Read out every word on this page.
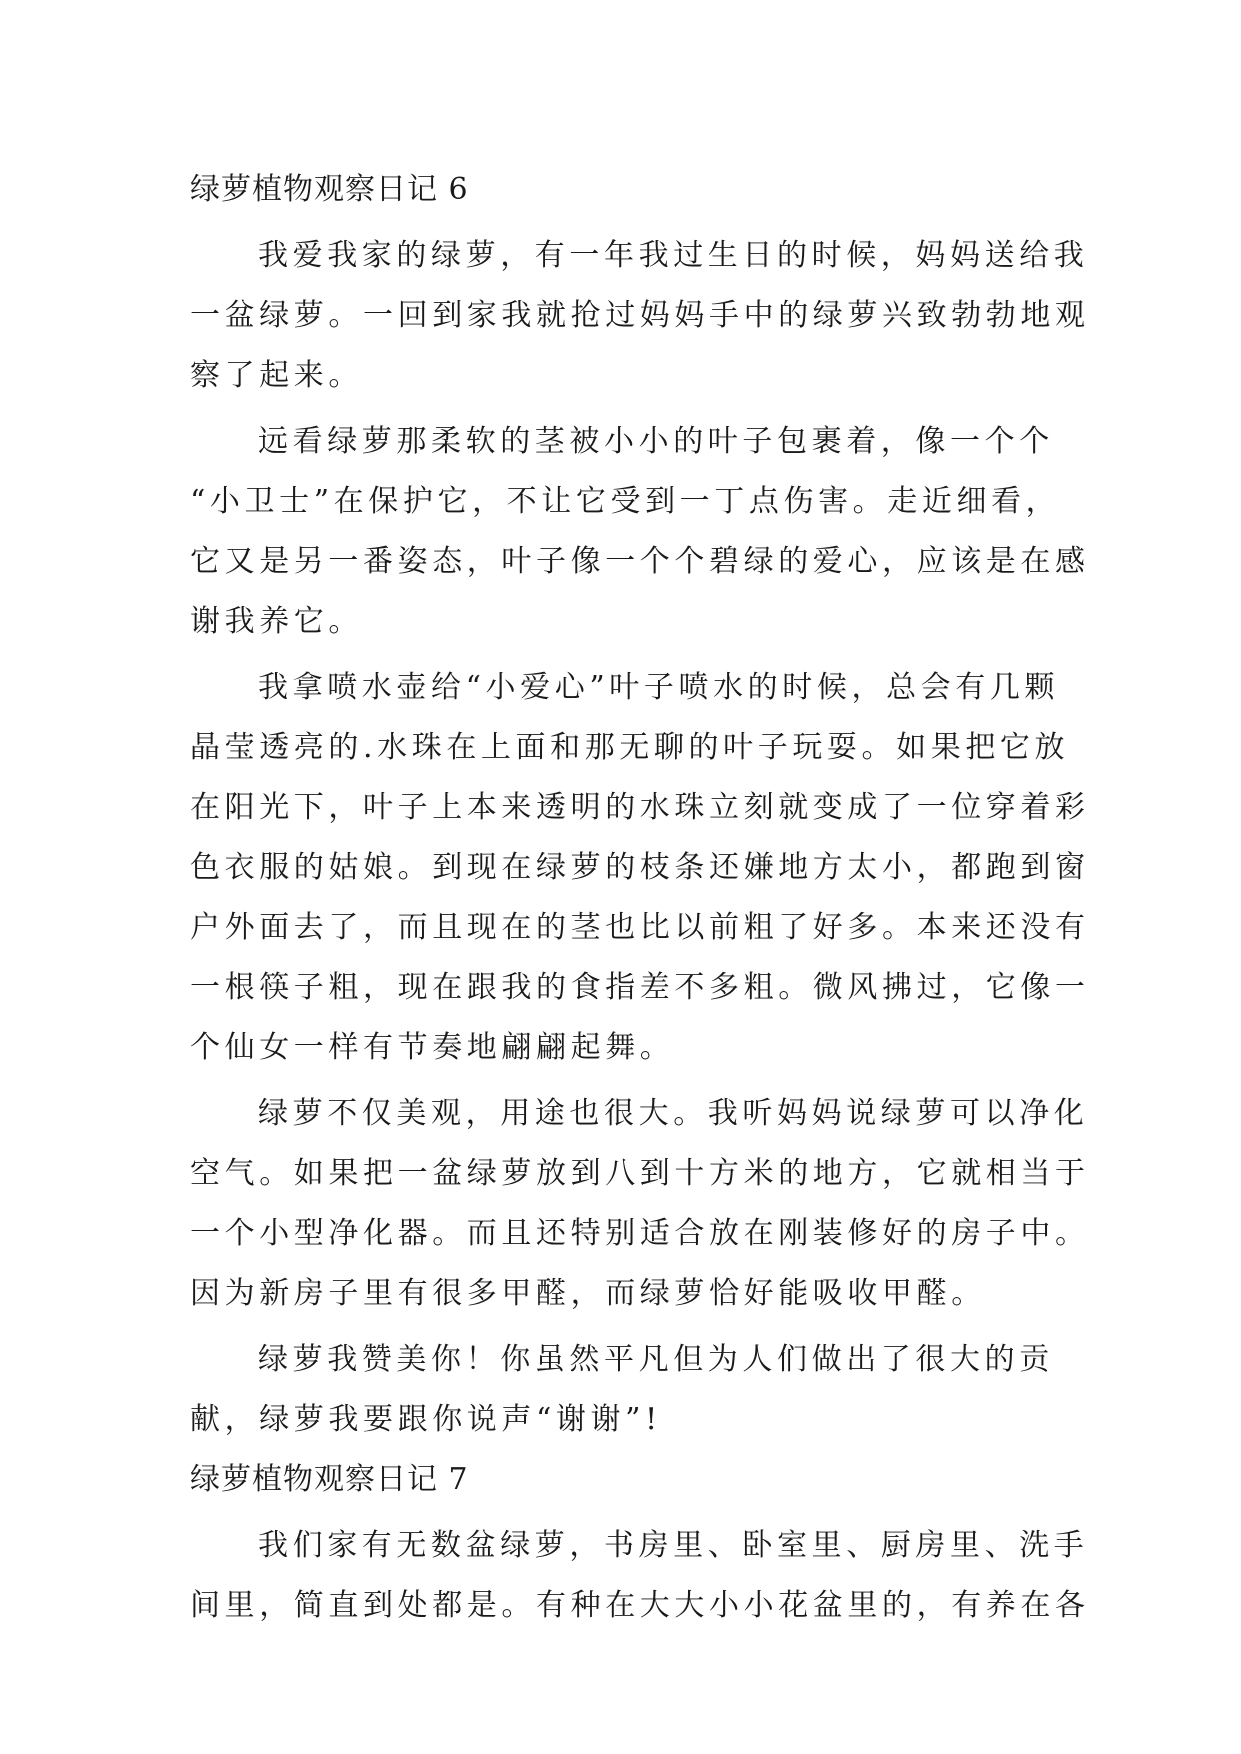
绿萝植物观察日记 6
我爱我家的绿萝，有一年我过生日的时候，妈妈送给我
一盆绿萝。一回到家我就抢过妈妈手中的绿萝兴致勃勃地观
察了起来。
远看绿萝那柔软的茎被小小的叶子包裹着，像一个个
“小卫士”在保护它，不让它受到一丁点伤害。走近细看，
它又是另一番姿态，叶子像一个个碧绿的爱心，应该是在感
谢我养它。
我拿喷水壶给“小爱心”叶子喷水的时候，总会有几颗
晶莹透亮的.水珠在上面和那无聊的叶子玩耍。如果把它放
在阳光下，叶子上本来透明的水珠立刻就变成了一位穿着彩
色衣服的姑娘。到现在绿萝的枝条还嫌地方太小，都跑到窗
户外面去了，而且现在的茎也比以前粗了好多。本来还没有
一根筷子粗，现在跟我的食指差不多粗。微风拂过，它像一
个仙女一样有节奏地翩翩起舞。
绿萝不仅美观，用途也很大。我听妈妈说绿萝可以净化
空气。如果把一盆绿萝放到八到十方米的地方，它就相当于
一个小型净化器。而且还特别适合放在刚装修好的房子中。
因为新房子里有很多甲醛，而绿萝恰好能吸收甲醛。
绿萝我赞美你！你虽然平凡但为人们做出了很大的贡
献，绿萝我要跟你说声“谢谢”!
绿萝植物观察日记 7
我们家有无数盆绿萝，书房里、卧室里、厨房里、洗手
间里，简直到处都是。有种在大大小小花盆里的，有养在各
